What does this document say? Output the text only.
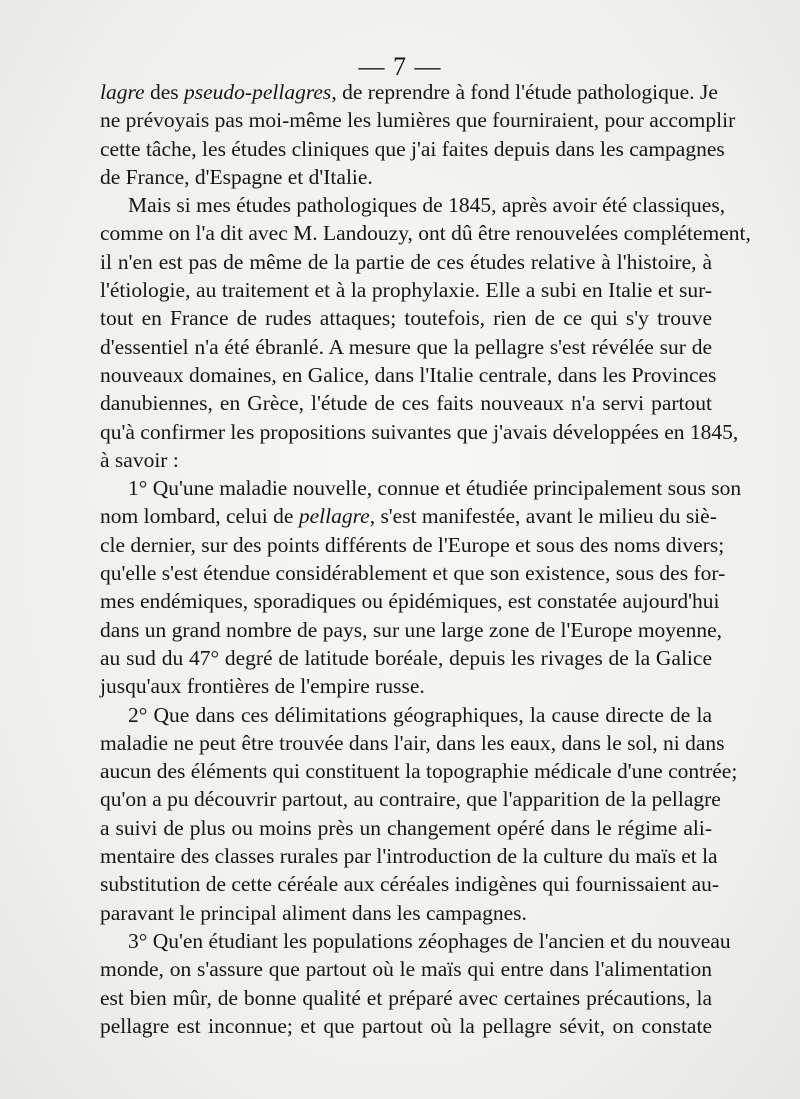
— 7 —
lagre des pseudo-pellagres, de reprendre à fond l'étude pathologique. Je
ne prévoyais pas moi-même les lumières que fourniraient, pour accomplir
cette tâche, les études cliniques que j'ai faites depuis dans les campagnes
de France, d'Espagne et d'Italie.
Mais si mes études pathologiques de 1845, après avoir été classiques,
comme on l'a dit avec M. Landouzy, ont dû être renouvelées complétement,
il n'en est pas de même de la partie de ces études relative à l'histoire, à
l'étiologie, au traitement et à la prophylaxie. Elle a subi en Italie et sur-
tout en France de rudes attaques; toutefois, rien de ce qui s'y trouve
d'essentiel n'a été ébranlé. A mesure que la pellagre s'est révélée sur de
nouveaux domaines, en Galice, dans l'Italie centrale, dans les Provinces
danubiennes, en Grèce, l'étude de ces faits nouveaux n'a servi partout
qu'à confirmer les propositions suivantes que j'avais développées en 1845,
à savoir :
1° Qu'une maladie nouvelle, connue et étudiée principalement sous son
nom lombard, celui de pellagre, s'est manifestée, avant le milieu du siè-
cle dernier, sur des points différents de l'Europe et sous des noms divers;
qu'elle s'est étendue considérablement et que son existence, sous des for-
mes endémiques, sporadiques ou épidémiques, est constatée aujourd'hui
dans un grand nombre de pays, sur une large zone de l'Europe moyenne,
au sud du 47° degré de latitude boréale, depuis les rivages de la Galice
jusqu'aux frontières de l'empire russe.
2° Que dans ces délimitations géographiques, la cause directe de la
maladie ne peut être trouvée dans l'air, dans les eaux, dans le sol, ni dans
aucun des éléments qui constituent la topographie médicale d'une contrée;
qu'on a pu découvrir partout, au contraire, que l'apparition de la pellagre
a suivi de plus ou moins près un changement opéré dans le régime ali-
mentaire des classes rurales par l'introduction de la culture du maïs et la
substitution de cette céréale aux céréales indigènes qui fournissaient au-
paravant le principal aliment dans les campagnes.
3° Qu'en étudiant les populations zéophages de l'ancien et du nouveau
monde, on s'assure que partout où le maïs qui entre dans l'alimentation
est bien mûr, de bonne qualité et préparé avec certaines précautions, la
pellagre est inconnue; et que partout où la pellagre sévit, on constate
